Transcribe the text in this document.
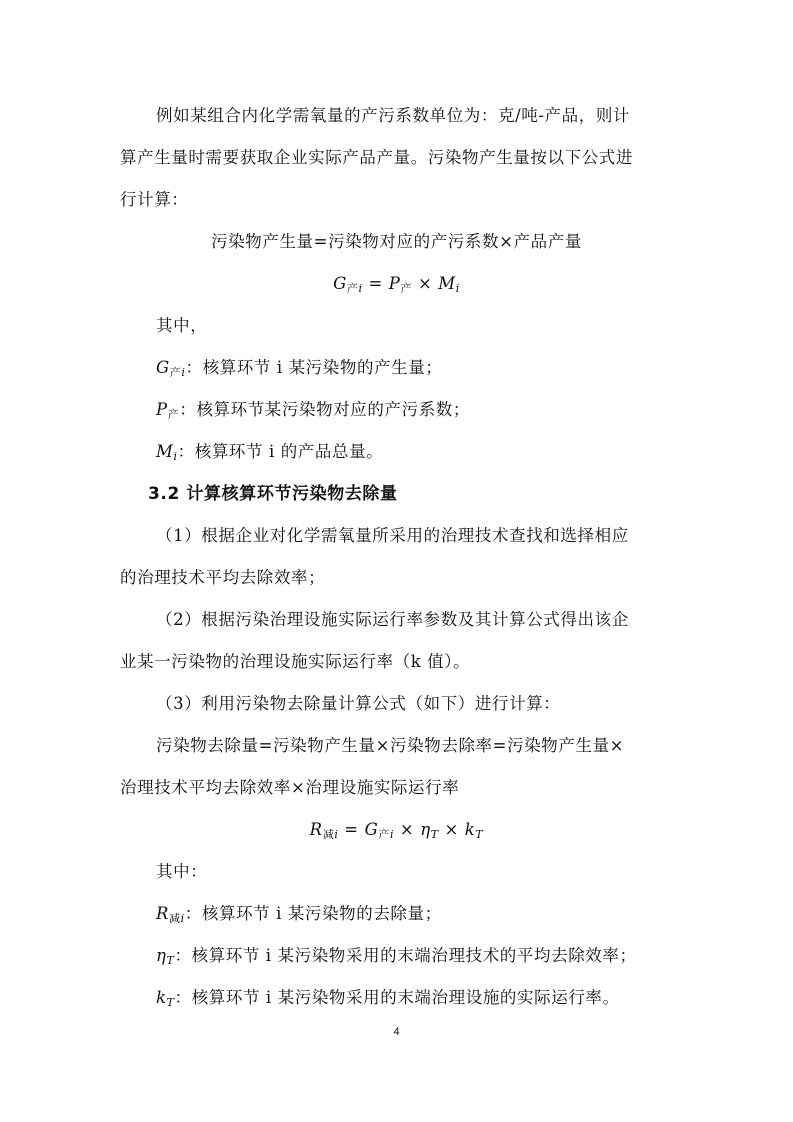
例如某组合内化学需氧量的产污系数单位为：克/吨-产品，则计
算产生量时需要获取企业实际产品产量。污染物产生量按以下公式进
行计算：
污染物产生量=污染物对应的产污系数×产品产量
$G_{产i} = P_产 \times M_i$
其中，
$G_{产i}$：核算环节 i 某污染物的产生量；
$P_产$：核算环节某污染物对应的产污系数；
$M_i$：核算环节 i 的产品总量。
3.2 计算核算环节污染物去除量
（1）根据企业对化学需氧量所采用的治理技术查找和选择相应
的治理技术平均去除效率；
（2）根据污染治理设施实际运行率参数及其计算公式得出该企
业某一污染物的治理设施实际运行率（k 值）。
（3）利用污染物去除量计算公式（如下）进行计算：
污染物去除量=污染物产生量×污染物去除率=污染物产生量×
治理技术平均去除效率×治理设施实际运行率
$R_{减i} = G_{产i} \times \eta_T \times k_T$
其中：
$R_{减i}$：核算环节 i 某污染物的去除量；
$\eta_T$：核算环节 i 某污染物采用的末端治理技术的平均去除效率；
$k_T$：核算环节 i 某污染物采用的末端治理设施的实际运行率。
4
